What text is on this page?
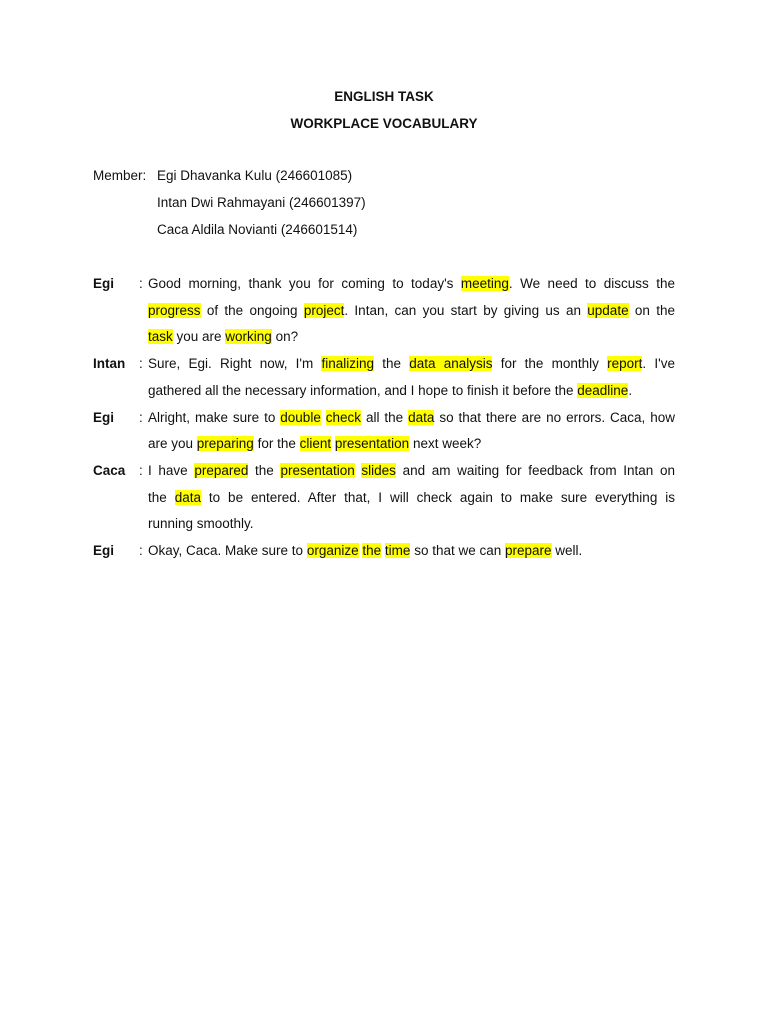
ENGLISH TASK
WORKPLACE VOCABULARY
Member: Egi Dhavanka Kulu (246601085)
Intan Dwi Rahmayani (246601397)
Caca Aldila Novianti (246601514)
Egi : Good morning, thank you for coming to today's meeting. We need to discuss the
progress of the ongoing project. Intan, can you start by giving us an update on the
task you are working on?
Intan : Sure, Egi. Right now, I'm finalizing the data analysis for the monthly report. I've
gathered all the necessary information, and I hope to finish it before the deadline.
Egi : Alright, make sure to double check all the data so that there are no errors. Caca, how
are you preparing for the client presentation next week?
Caca : I have prepared the presentation slides and am waiting for feedback from Intan on
the data to be entered. After that, I will check again to make sure everything is
running smoothly.
Egi : Okay, Caca. Make sure to organize the time so that we can prepare well.
